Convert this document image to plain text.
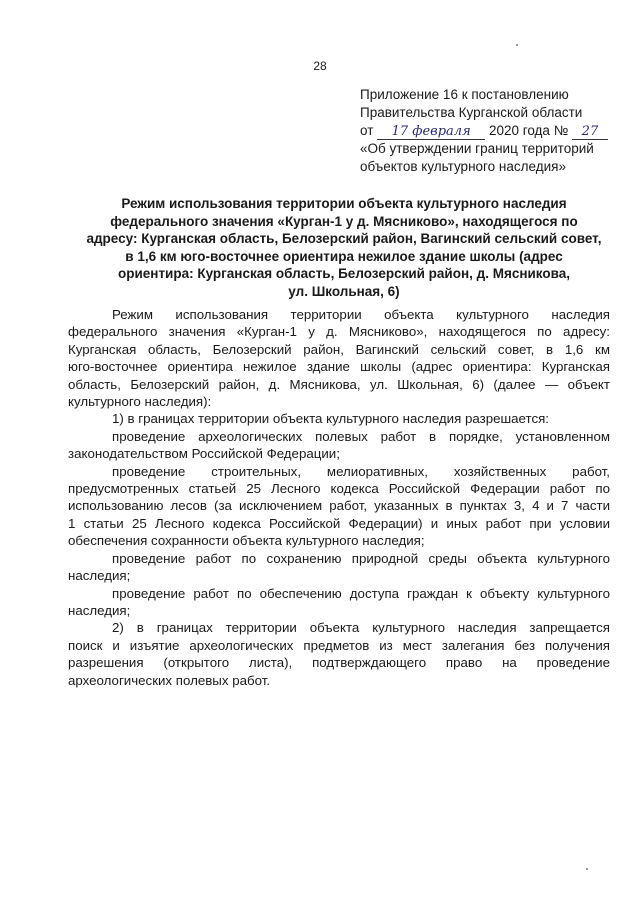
28
Приложение 16 к постановлению
Правительства Курганской области
от 17 февраля 2020 года № 27
«Об утверждении границ территорий
объектов культурного наследия»
Режим использования территории объекта культурного наследия
федерального значения «Курган-1 у д. Мясниково», находящегося по
адресу: Курганская область, Белозерский район, Вагинский сельский совет,
в 1,6 км юго-восточнее ориентира нежилое здание школы (адрес
ориентира: Курганская область, Белозерский район, д. Мясникова,
ул. Школьная, 6)
Режим использования территории объекта культурного наследия
федерального значения «Курган-1 у д. Мясниково», находящегося по адресу:
Курганская область, Белозерский район, Вагинский сельский совет, в 1,6 км
юго-восточнее ориентира нежилое здание школы (адрес ориентира: Курганская
область, Белозерский район, д. Мясникова, ул. Школьная, 6) (далее — объект
культурного наследия):
1) в границах территории объекта культурного наследия разрешается:
проведение археологических полевых работ в порядке, установленном
законодательством Российской Федерации;
проведение строительных, мелиоративных, хозяйственных работ,
предусмотренных статьей 25 Лесного кодекса Российской Федерации работ по
использованию лесов (за исключением работ, указанных в пунктах 3, 4 и 7 части
1 статьи 25 Лесного кодекса Российской Федерации) и иных работ при условии
обеспечения сохранности объекта культурного наследия;
проведение работ по сохранению природной среды объекта культурного
наследия;
проведение работ по обеспечению доступа граждан к объекту культурного
наследия;
2) в границах территории объекта культурного наследия запрещается
поиск и изъятие археологических предметов из мест залегания без получения
разрешения (открытого листа), подтверждающего право на проведение
археологических полевых работ.
